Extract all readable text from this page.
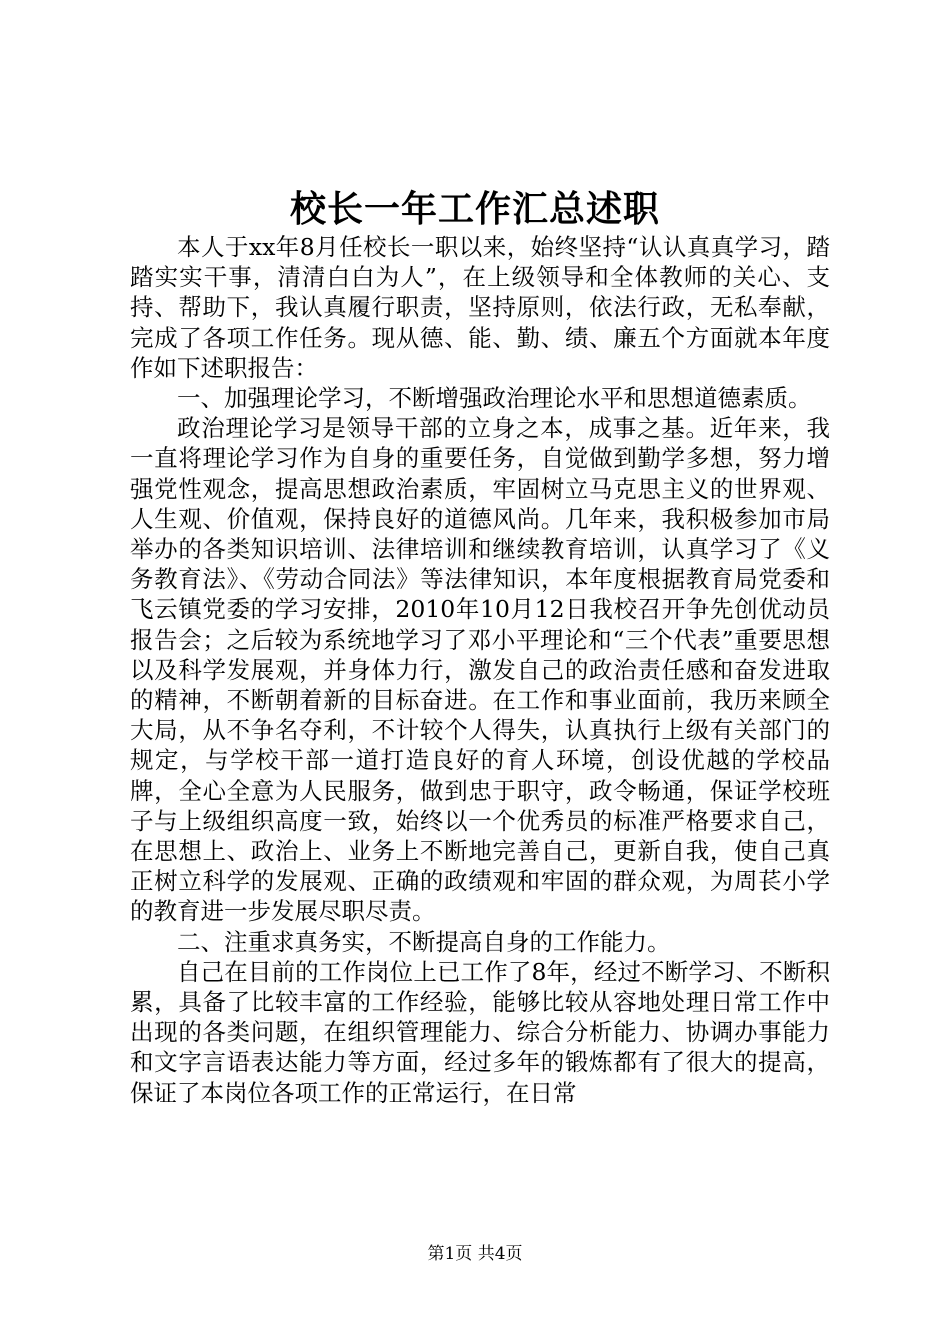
校长一年工作汇总述职

本人于xx年8月任校长一职以来，始终坚持“认认真真学习，踏踏实实干事，清清白白为人”，在上级领导和全体教师的关心、支持、帮助下，我认真履行职责，坚持原则，依法行政，无私奉献，完成了各项工作任务。现从德、能、勤、绩、廉五个方面就本年度作如下述职报告：

一、加强理论学习，不断增强政治理论水平和思想道德素质。

政治理论学习是领导干部的立身之本，成事之基。近年来，我一直将理论学习作为自身的重要任务，自觉做到勤学多想，努力增强党性观念，提高思想政治素质，牢固树立马克思主义的世界观、人生观、价值观，保持良好的道德风尚。几年来，我积极参加市局举办的各类知识培训、法律培训和继续教育培训，认真学习了《义务教育法》、《劳动合同法》等法律知识，本年度根据教育局党委和飞云镇党委的学习安排，2010年10月12日我校召开争先创优动员报告会；之后较为系统地学习了邓小平理论和“三个代表”重要思想以及科学发展观，并身体力行，激发自己的政治责任感和奋发进取的精神，不断朝着新的目标奋进。在工作和事业面前，我历来顾全大局，从不争名夺利，不计较个人得失，认真执行上级有关部门的规定，与学校干部一道打造良好的育人环境，创设优越的学校品牌，全心全意为人民服务，做到忠于职守，政令畅通，保证学校班子与上级组织高度一致，始终以一个优秀员的标准严格要求自己，在思想上、政治上、业务上不断地完善自己，更新自我，使自己真正树立科学的发展观、正确的政绩观和牢固的群众观，为周苌小学的教育进一步发展尽职尽责。

二、注重求真务实，不断提高自身的工作能力。

自己在目前的工作岗位上已工作了8年，经过不断学习、不断积累，具备了比较丰富的工作经验，能够比较从容地处理日常工作中出现的各类问题，在组织管理能力、综合分析能力、协调办事能力和文字言语表达能力等方面，经过多年的锻炼都有了很大的提高，保证了本岗位各项工作的正常运行，在日常

第1页 共4页
